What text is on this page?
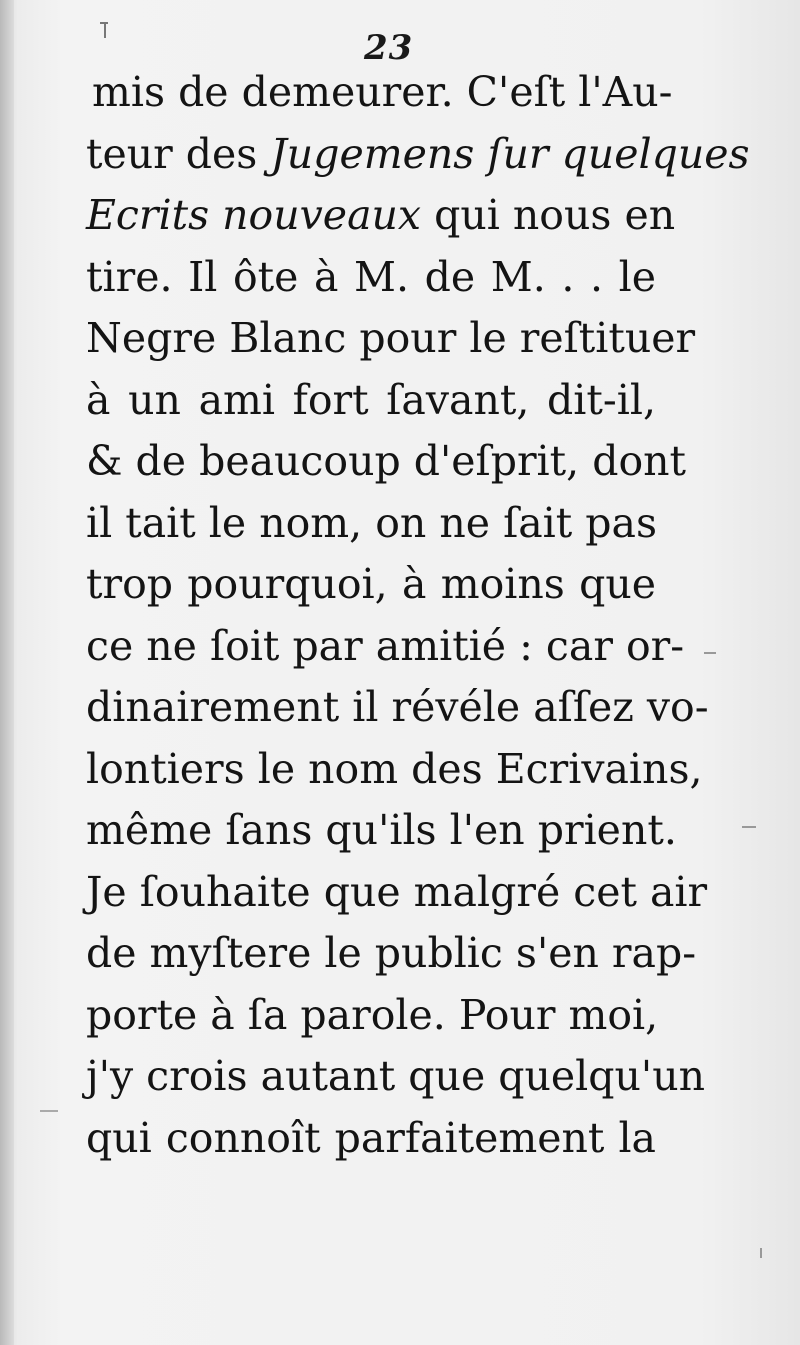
23
mis de demeurer. C'eſt l'Au-
teur des Jugemens ſur quelques
Ecrits nouveaux qui nous en
tire. Il ôte à M. de M. . . le
Negre Blanc pour le reſtituer
à un ami fort ſavant, dit-il,
& de beaucoup d'eſprit, dont
il tait le nom, on ne ſait pas
trop pourquoi, à moins que
ce ne ſoit par amitié : car or-
dinairement il révéle aſſez vo-
lontiers le nom des Ecrivains,
même ſans qu'ils l'en prient.
Je ſouhaite que malgré cet air
de myſtere le public s'en rap-
porte à ſa parole. Pour moi,
j'y crois autant que quelqu'un
qui connoît parfaitement la
